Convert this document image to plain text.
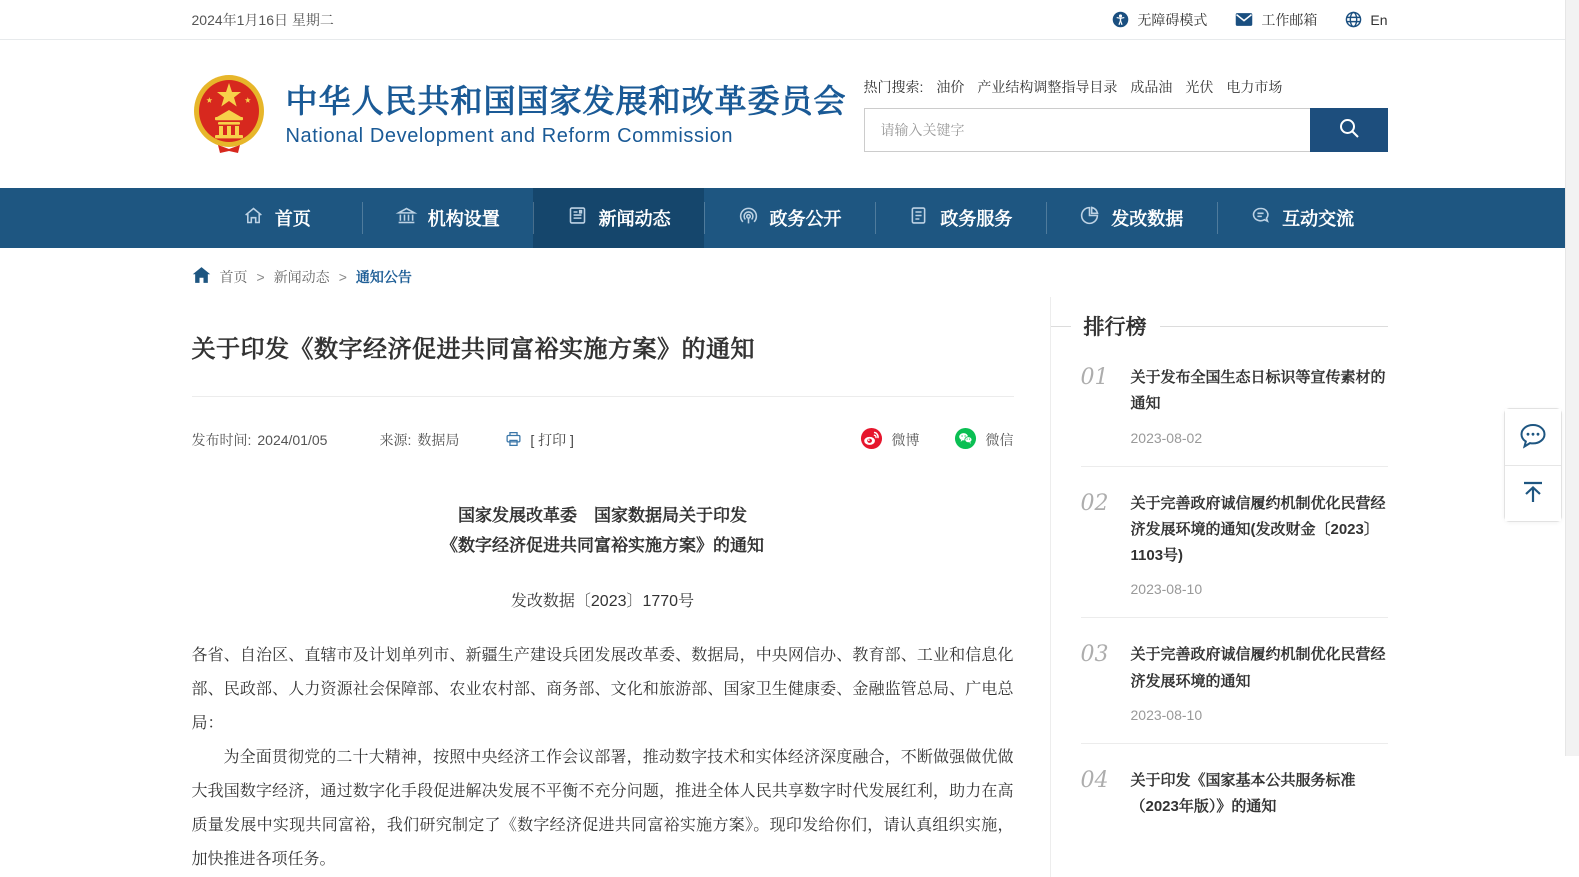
2024年1月16日 星期二	无障碍模式	工作邮箱	En
中华人民共和国国家发展和改革委员会
National Development and Reform Commission
热门搜索: 油价 产业结构调整指导目录 成品油 光伏 电力市场
请输入关键字
首页	机构设置	新闻动态	政务公开	政务服务	发改数据	互动交流
首页 > 新闻动态 > 通知公告
关于印发《数字经济促进共同富裕实施方案》的通知
发布时间: 2024/01/05	来源: 数据局	[ 打印 ]	微博	微信
国家发展改革委　国家数据局关于印发
《数字经济促进共同富裕实施方案》的通知
发改数据〔2023〕1770号

各省、自治区、直辖市及计划单列市、新疆生产建设兵团发展改革委、数据局，中央网信办、教育部、工业和信息化部、民政部、人力资源社会保障部、农业农村部、商务部、文化和旅游部、国家卫生健康委、金融监管总局、广电总局：

为全面贯彻党的二十大精神，按照中央经济工作会议部署，推动数字技术和实体经济深度融合，不断做强做优做大我国数字经济，通过数字化手段促进解决发展不平衡不充分问题，推进全体人民共享数字时代发展红利，助力在高质量发展中实现共同富裕，我们研究制定了《数字经济促进共同富裕实施方案》。现印发给你们，请认真组织实施，加快推进各项任务。

排行榜
01	关于发布全国生态日标识等宣传素材的通知
2023-08-02
02	关于完善政府诚信履约机制优化民营经济发展环境的通知(发改财金〔2023〕1103号)
2023-08-10
03	关于完善政府诚信履约机制优化民营经济发展环境的通知
2023-08-10
04	关于印发《国家基本公共服务标准（2023年版）》的通知
